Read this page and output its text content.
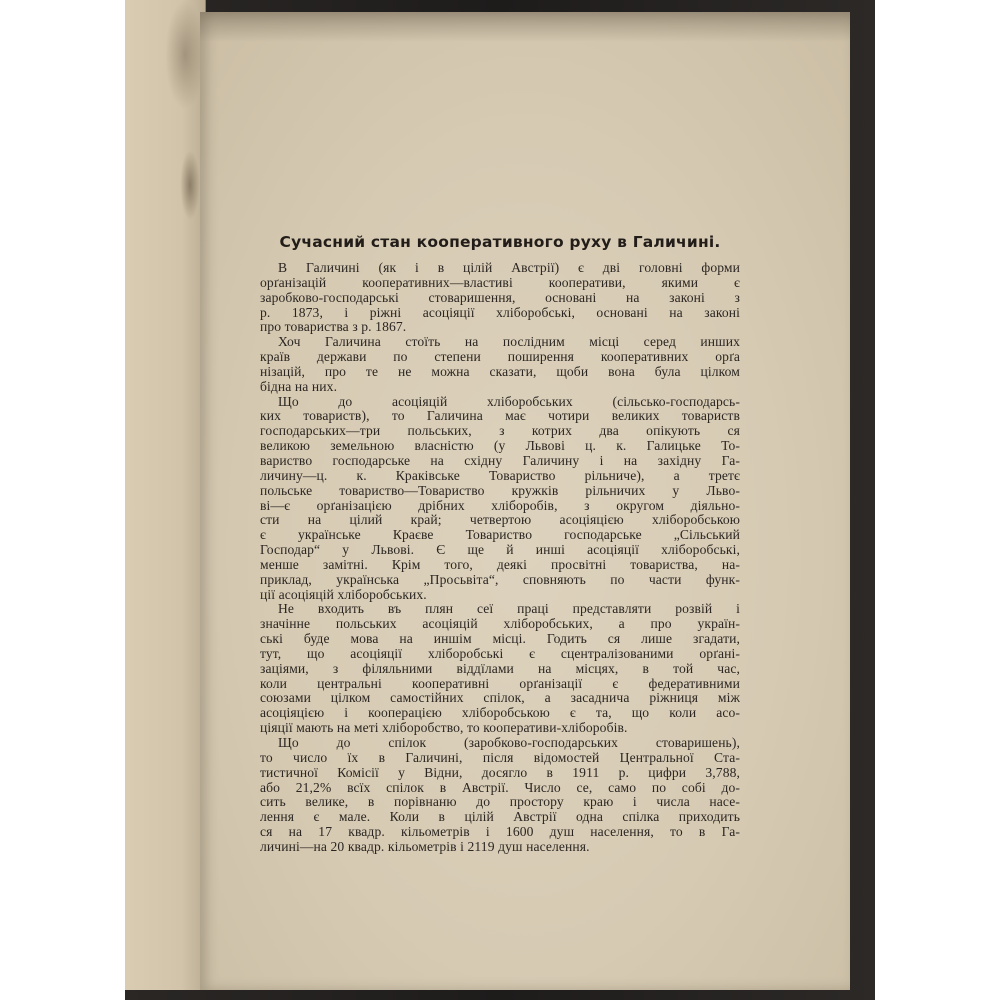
Сучасний стан кооперативного руху в Галичині.
В Галичині (як і в цілій Австрії) є дві головні форми
орґанізацій кооперативних—властиві кооперативи, якими є
заробково-господарські стоваришення, основані на законі з
р. 1873, і ріжні асоціяції хліборобські, основані на законі
про товариства з р. 1867.
Хоч Галичина стоїть на послідним місці серед инших
країв держави по степени поширення кооперативних орґа
нізацій, про те не можна сказати, щоби вона була цілком
бідна на них.
Що до асоціяцій хліборобських (сільсько-господарсь-
ких товариств), то Галичина має чотири великих товариств
господарських—три польських, з котрих два опікують ся
великою земельною власністю (у Львові ц. к. Галицьке То-
вариство господарське на східну Галичину і на західну Га-
личину—ц. к. Краківське Товариство рільниче), а третє
польське товариство—Товариство кружків рільничих у Льво-
ві—є орґанізацією дрібних хліборобів, з округом діяльно-
сти на цілий край; четвертою асоціяцією хліборобською
є українське Краєве Товариство господарське „Сільський
Господар“ у Львові. Є ще й инші асоціяції хліборобські,
менше замітні. Крім того, деякі просвітні товариства, на-
приклад, українська „Просьвіта“, сповняють по части функ-
ції асоціяцій хліборобських.
Не входить въ плян сеї праці представляти розвій і
значінне польських асоціяцій хліборобських, а про україн-
ські буде мова на иншім місці. Годить ся лише згадати,
тут, що асоціяції хліборобські є сцентралізованими орґані-
заціями, з філяльними віддїлами на місцях, в той час,
коли центральні кооперативні орґанізації є федеративними
союзами цілком самостійних спілок, а засаднича ріжниця між
асоціяцією і кооперацією хліборобською є та, що коли асо-
ціяції мають на меті хліборобство, то кооперативи-хліборобів.
Що до спілок (заробково-господарських стоваришень),
то число їх в Галичині, після відомостей Центральної Ста-
тистичної Комісії у Відни, досягло в 1911 р. цифри 3,788,
або 21,2% всїх спілок в Австрії. Число се, само по собі до-
сить велике, в порівнаню до простору краю і числа насе-
лення є мале. Коли в цілій Австрії одна спілка приходить
ся на 17 квадр. кільометрів і 1600 душ населення, то в Га-
личині—на 20 квадр. кільометрів і 2119 душ населення.
